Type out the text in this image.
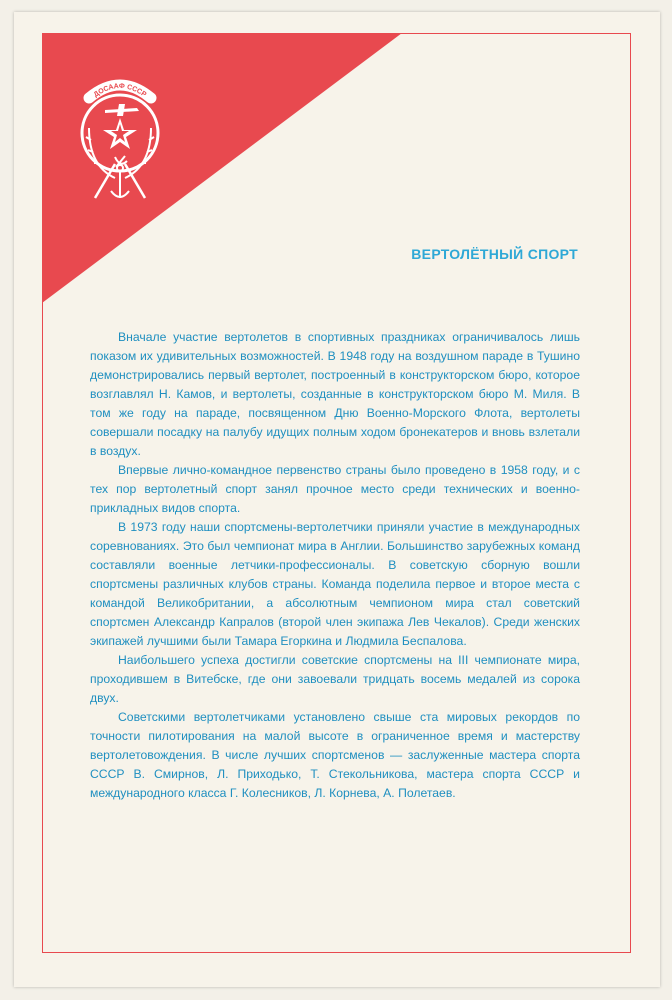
ДОСААФ СССР
ВЕРТОЛЁТНЫЙ СПОРТ

Вначале участие вертолетов в спортивных праздниках ограничивалось лишь показом их удивительных возможностей. В 1948 году на воздушном параде в Тушино демонстрировались первый вертолет, построенный в конструкторском бюро, которое возглавлял Н. Камов, и вертолеты, созданные в конструкторском бюро М. Миля. В том же году на параде, посвященном Дню Военно-Морского Флота, вертолеты совершали посадку на палубу идущих полным ходом бронекатеров и вновь взлетали в воздух.

Впервые лично-командное первенство страны было проведено в 1958 году, и с тех пор вертолетный спорт занял прочное место среди технических и военно-прикладных видов спорта.

В 1973 году наши спортсмены-вертолетчики приняли участие в международных соревнованиях. Это был чемпионат мира в Англии. Большинство зарубежных команд составляли военные летчики-профессионалы. В советскую сборную вошли спортсмены различных клубов страны. Команда поделила первое и второе места с командой Великобритании, а абсолютным чемпионом мира стал советский спортсмен Александр Капралов (второй член экипажа Лев Чекалов). Среди женских экипажей лучшими были Тамара Егоркина и Людмила Беспалова.

Наибольшего успеха достигли советские спортсмены на III чемпионате мира, проходившем в Витебске, где они завоевали тридцать восемь медалей из сорока двух.

Советскими вертолетчиками установлено свыше ста мировых рекордов по точности пилотирования на малой высоте в ограниченное время и мастерству вертолетовождения. В числе лучших спортсменов — заслуженные мастера спорта СССР В. Смирнов, Л. Приходько, Т. Стекольникова, мастера спорта СССР и международного класса Г. Колесников, Л. Корнева, А. Полетаев.
